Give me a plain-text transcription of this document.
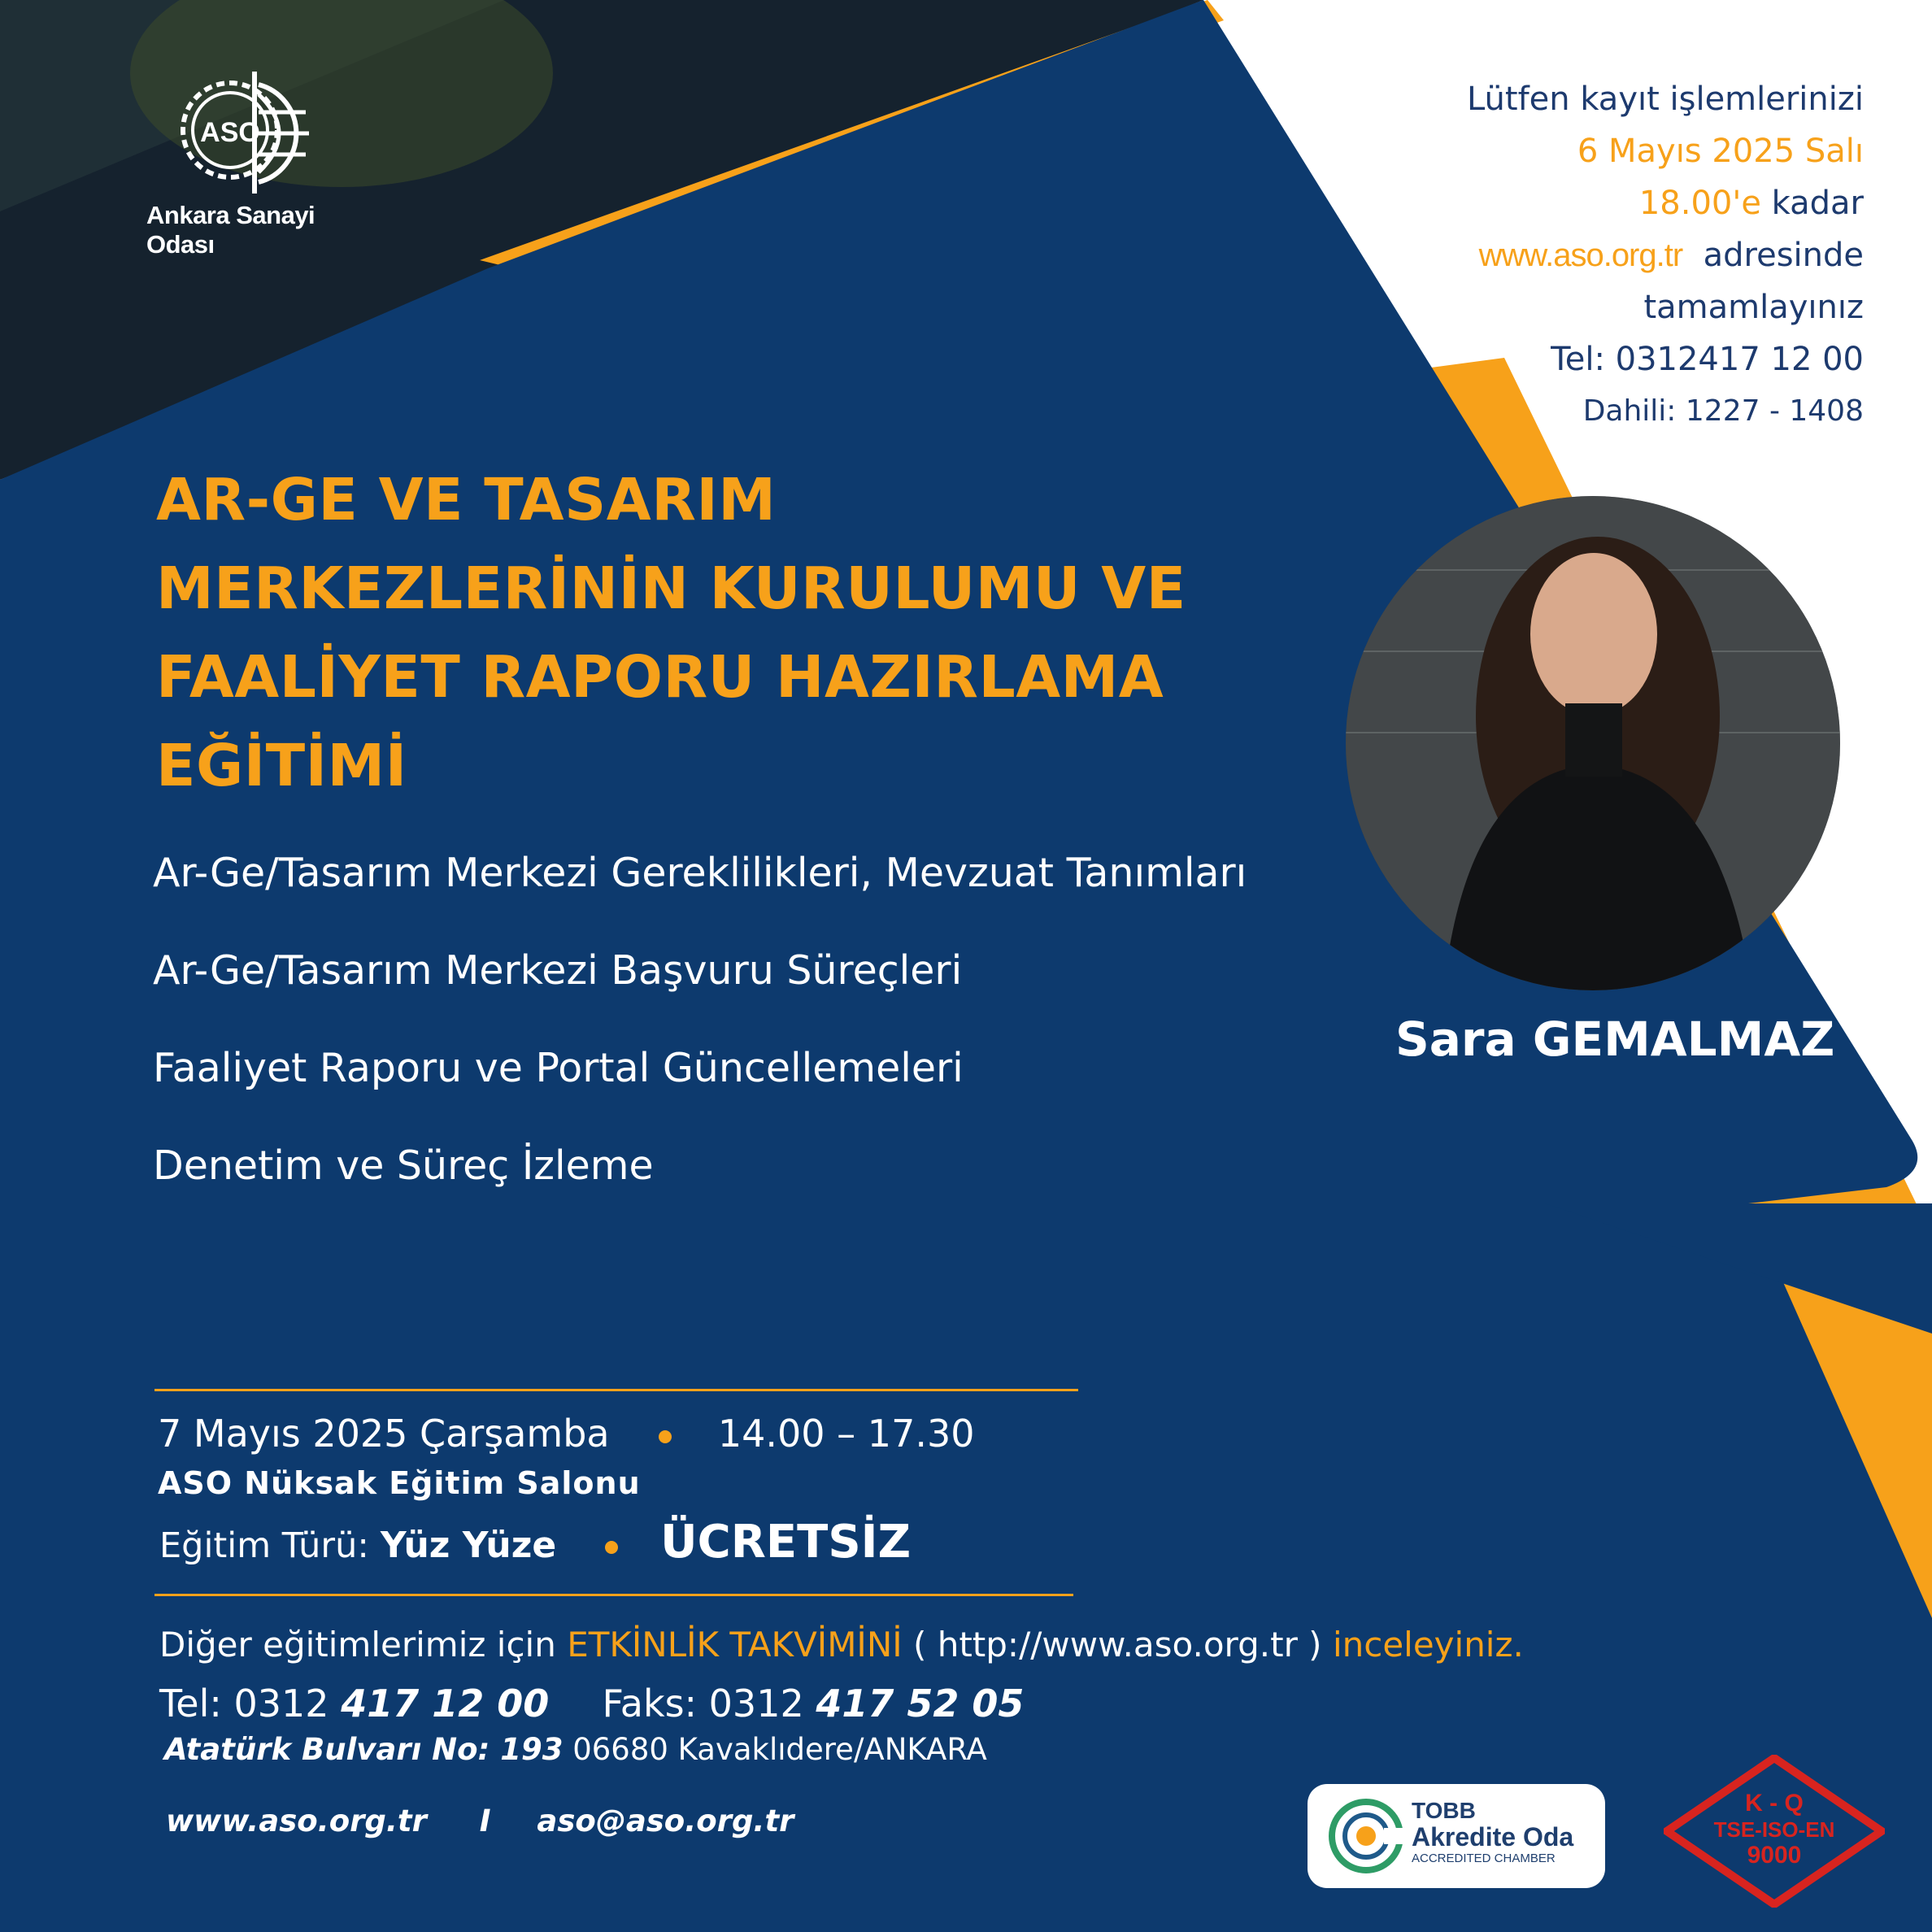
ASO
Ankara Sanayi Odası
Lütfen kayıt işlemlerinizi
6 Mayıs 2025 Salı
18.00'e kadar
www.aso.org.tr adresinde
tamamlayınız
Tel: 0312417 12 00
Dahili: 1227 - 1408
AR-GE VE TASARIM
MERKEZLERİNİN KURULUMU VE
FAALİYET RAPORU HAZIRLAMA
EĞİTİMİ
Ar-Ge/Tasarım Merkezi Gereklilikleri, Mevzuat Tanımları
Ar-Ge/Tasarım Merkezi Başvuru Süreçleri
Faaliyet Raporu ve Portal Güncellemeleri
Denetim ve Süreç İzleme
Sara GEMALMAZ
7 Mayıs 2025 Çarşamba	14.00 – 17.30
ASO Nüksak Eğitim Salonu
Eğitim Türü: Yüz Yüze ÜCRETSİZ
Diğer eğitimlerimiz için ETKİNLİK TAKVİMİNİ ( http://www.aso.org.tr ) inceleyiniz.
Tel: 0312 417 12 00 Faks: 0312 417 52 05
Atatürk Bulvarı No: 193 06680 Kavaklıdere/ANKARA
www.aso.org.tr I aso@aso.org.tr	TOBB
Akredite Oda
ACCREDITED CHAMBER
K - Q
TSE-ISO-EN
9000
